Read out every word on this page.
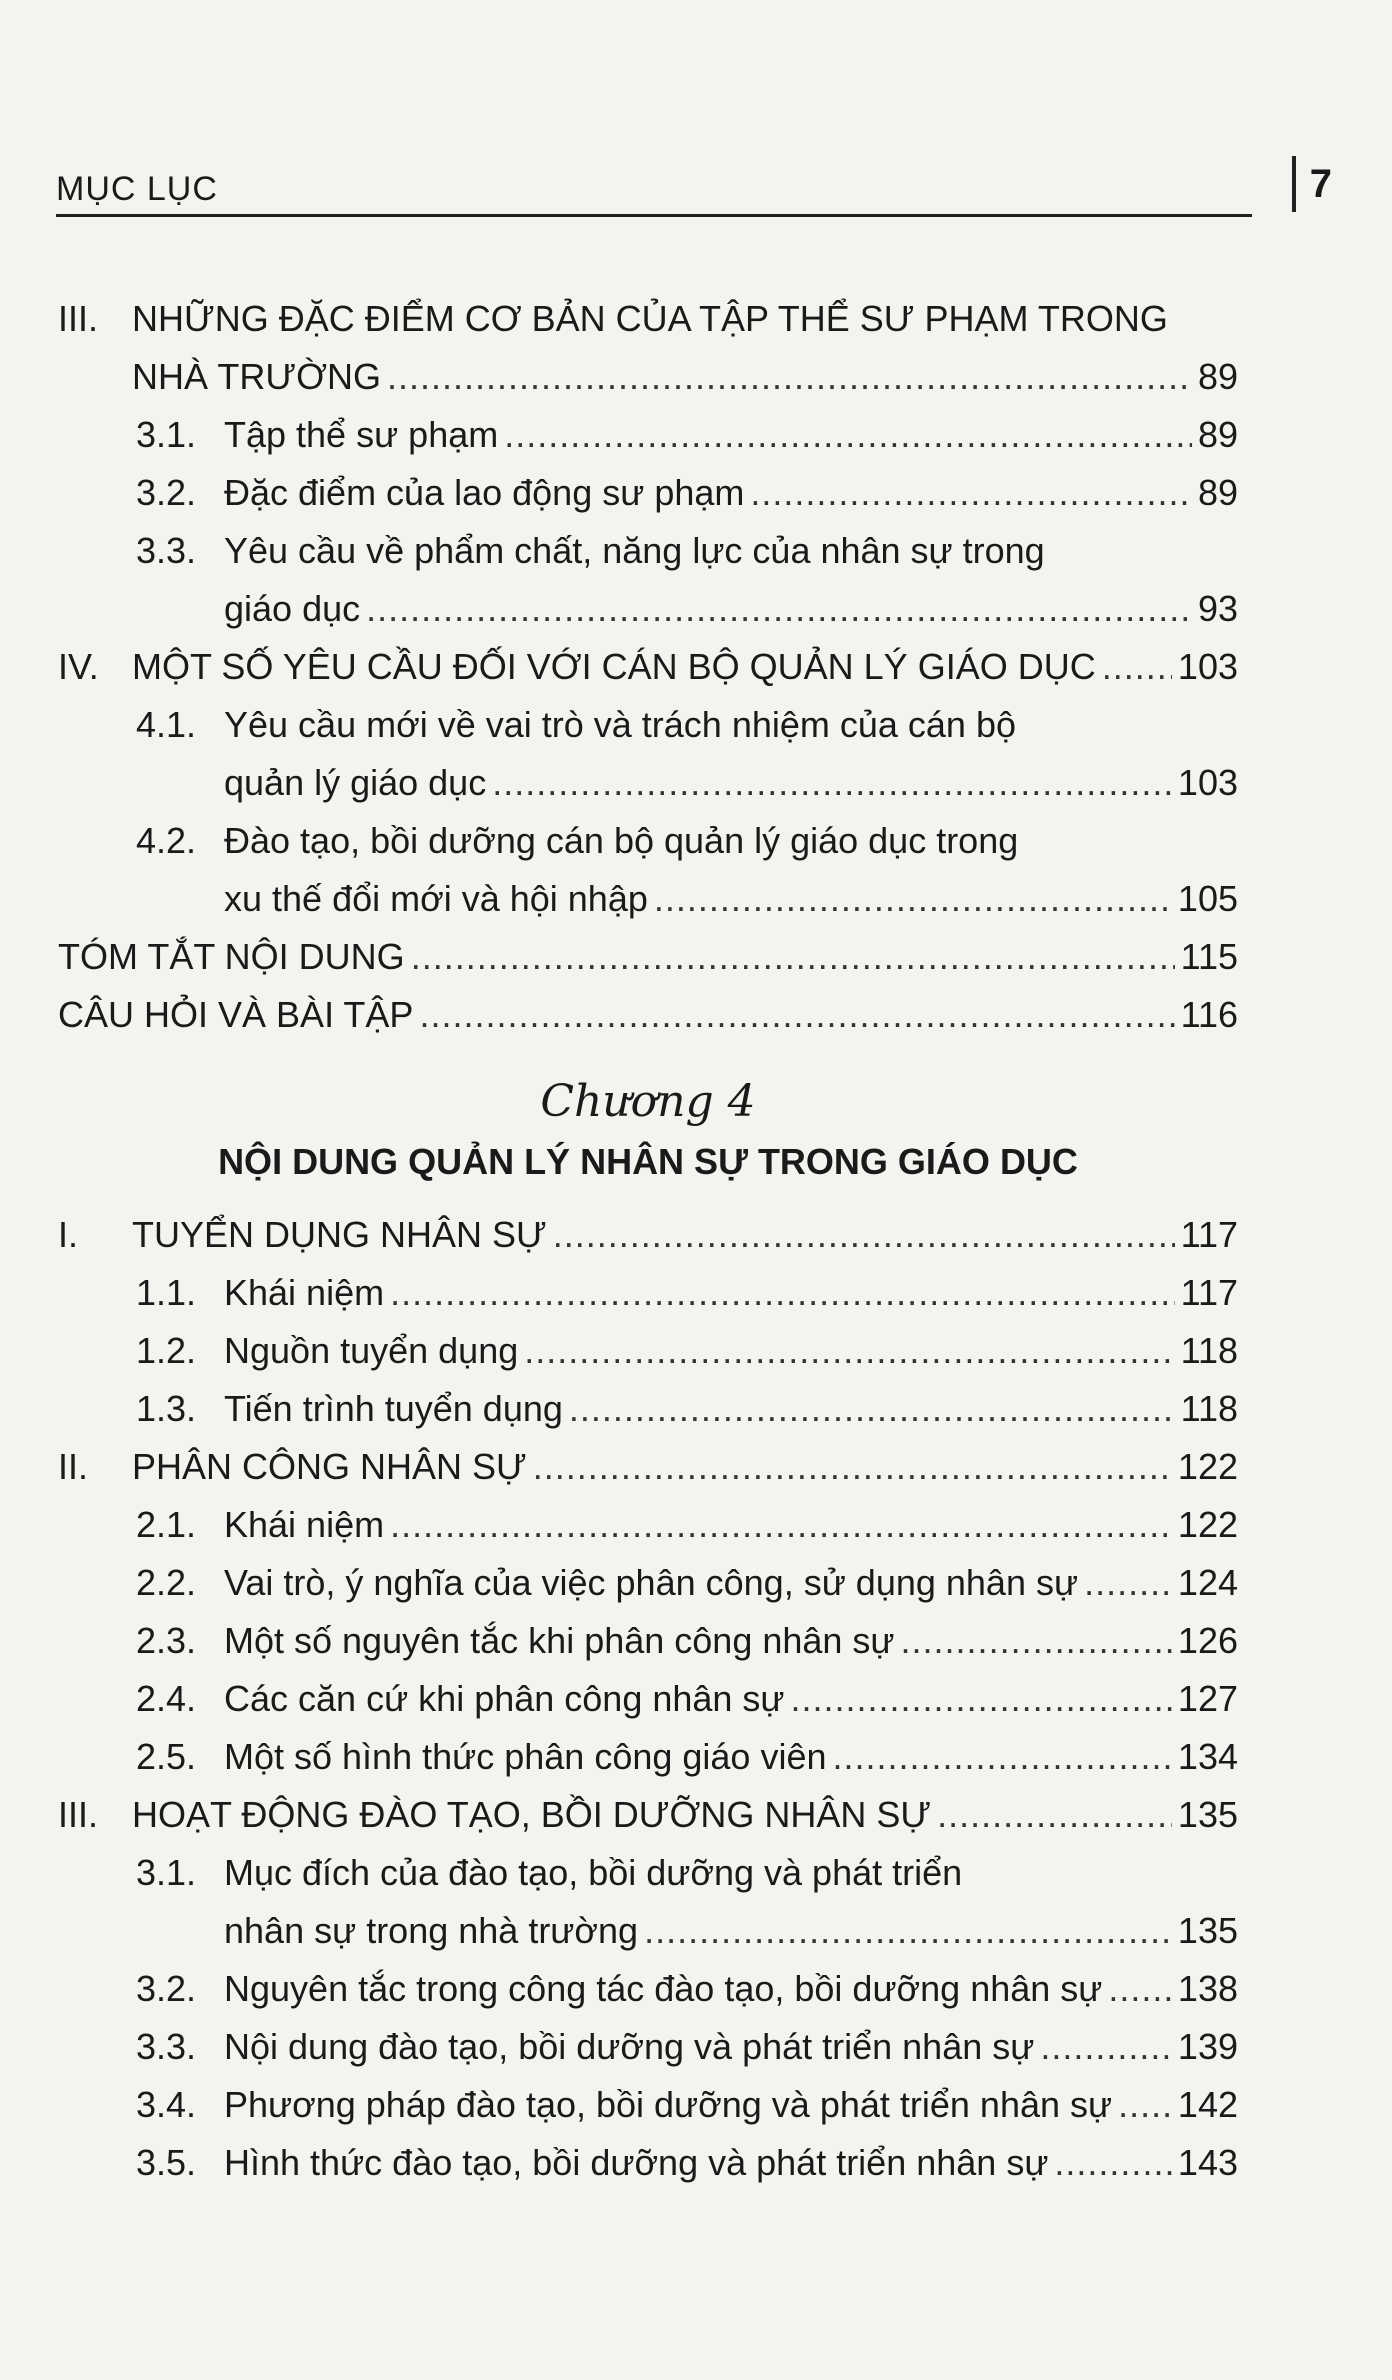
MỤC LỤC	7
III. NHỮNG ĐẶC ĐIỂM CƠ BẢN CỦA TẬP THỂ SƯ PHẠM TRONG
NHÀ TRƯỜNG .....	89
3.1. Tập thể sư phạm .....	89
3.2. Đặc điểm của lao động sư phạm .....	89
3.3. Yêu cầu về phẩm chất, năng lực của nhân sự trong
giáo dục .....	93
IV. MỘT SỐ YÊU CẦU ĐỐI VỚI CÁN BỘ QUẢN LÝ GIÁO DỤC ..... 103
4.1. Yêu cầu mới về vai trò và trách nhiệm của cán bộ
quản lý giáo dục .....	103
4.2. Đào tạo, bồi dưỡng cán bộ quản lý giáo dục trong
xu thế đổi mới và hội nhập .....	105
TÓM TẮT NỘI DUNG .....	115
CÂU HỎI VÀ BÀI TẬP .....	116
Chương 4
NỘI DUNG QUẢN LÝ NHÂN SỰ TRONG GIÁO DỤC
I. TUYỂN DỤNG NHÂN SỰ .....	117
1.1. Khái niệm .....	117
1.2. Nguồn tuyển dụng .....	118
1.3. Tiến trình tuyển dụng .....	118
II. PHÂN CÔNG NHÂN SỰ .....	122
2.1. Khái niệm .....	122
2.2. Vai trò, ý nghĩa của việc phân công, sử dụng nhân sự .....	124
2.3. Một số nguyên tắc khi phân công nhân sự .....	126
2.4. Các căn cứ khi phân công nhân sự .....	127
2.5. Một số hình thức phân công giáo viên .....	134
III. HOẠT ĐỘNG ĐÀO TẠO, BỒI DƯỠNG NHÂN SỰ .....	135
3.1. Mục đích của đào tạo, bồi dưỡng và phát triển
nhân sự trong nhà trường .....	135
3.2. Nguyên tắc trong công tác đào tạo, bồi dưỡng nhân sự ..... 138
3.3. Nội dung đào tạo, bồi dưỡng và phát triển nhân sự .....	139
3.4. Phương pháp đào tạo, bồi dưỡng và phát triển nhân sự ..... 142
3.5. Hình thức đào tạo, bồi dưỡng và phát triển nhân sự .....	143
